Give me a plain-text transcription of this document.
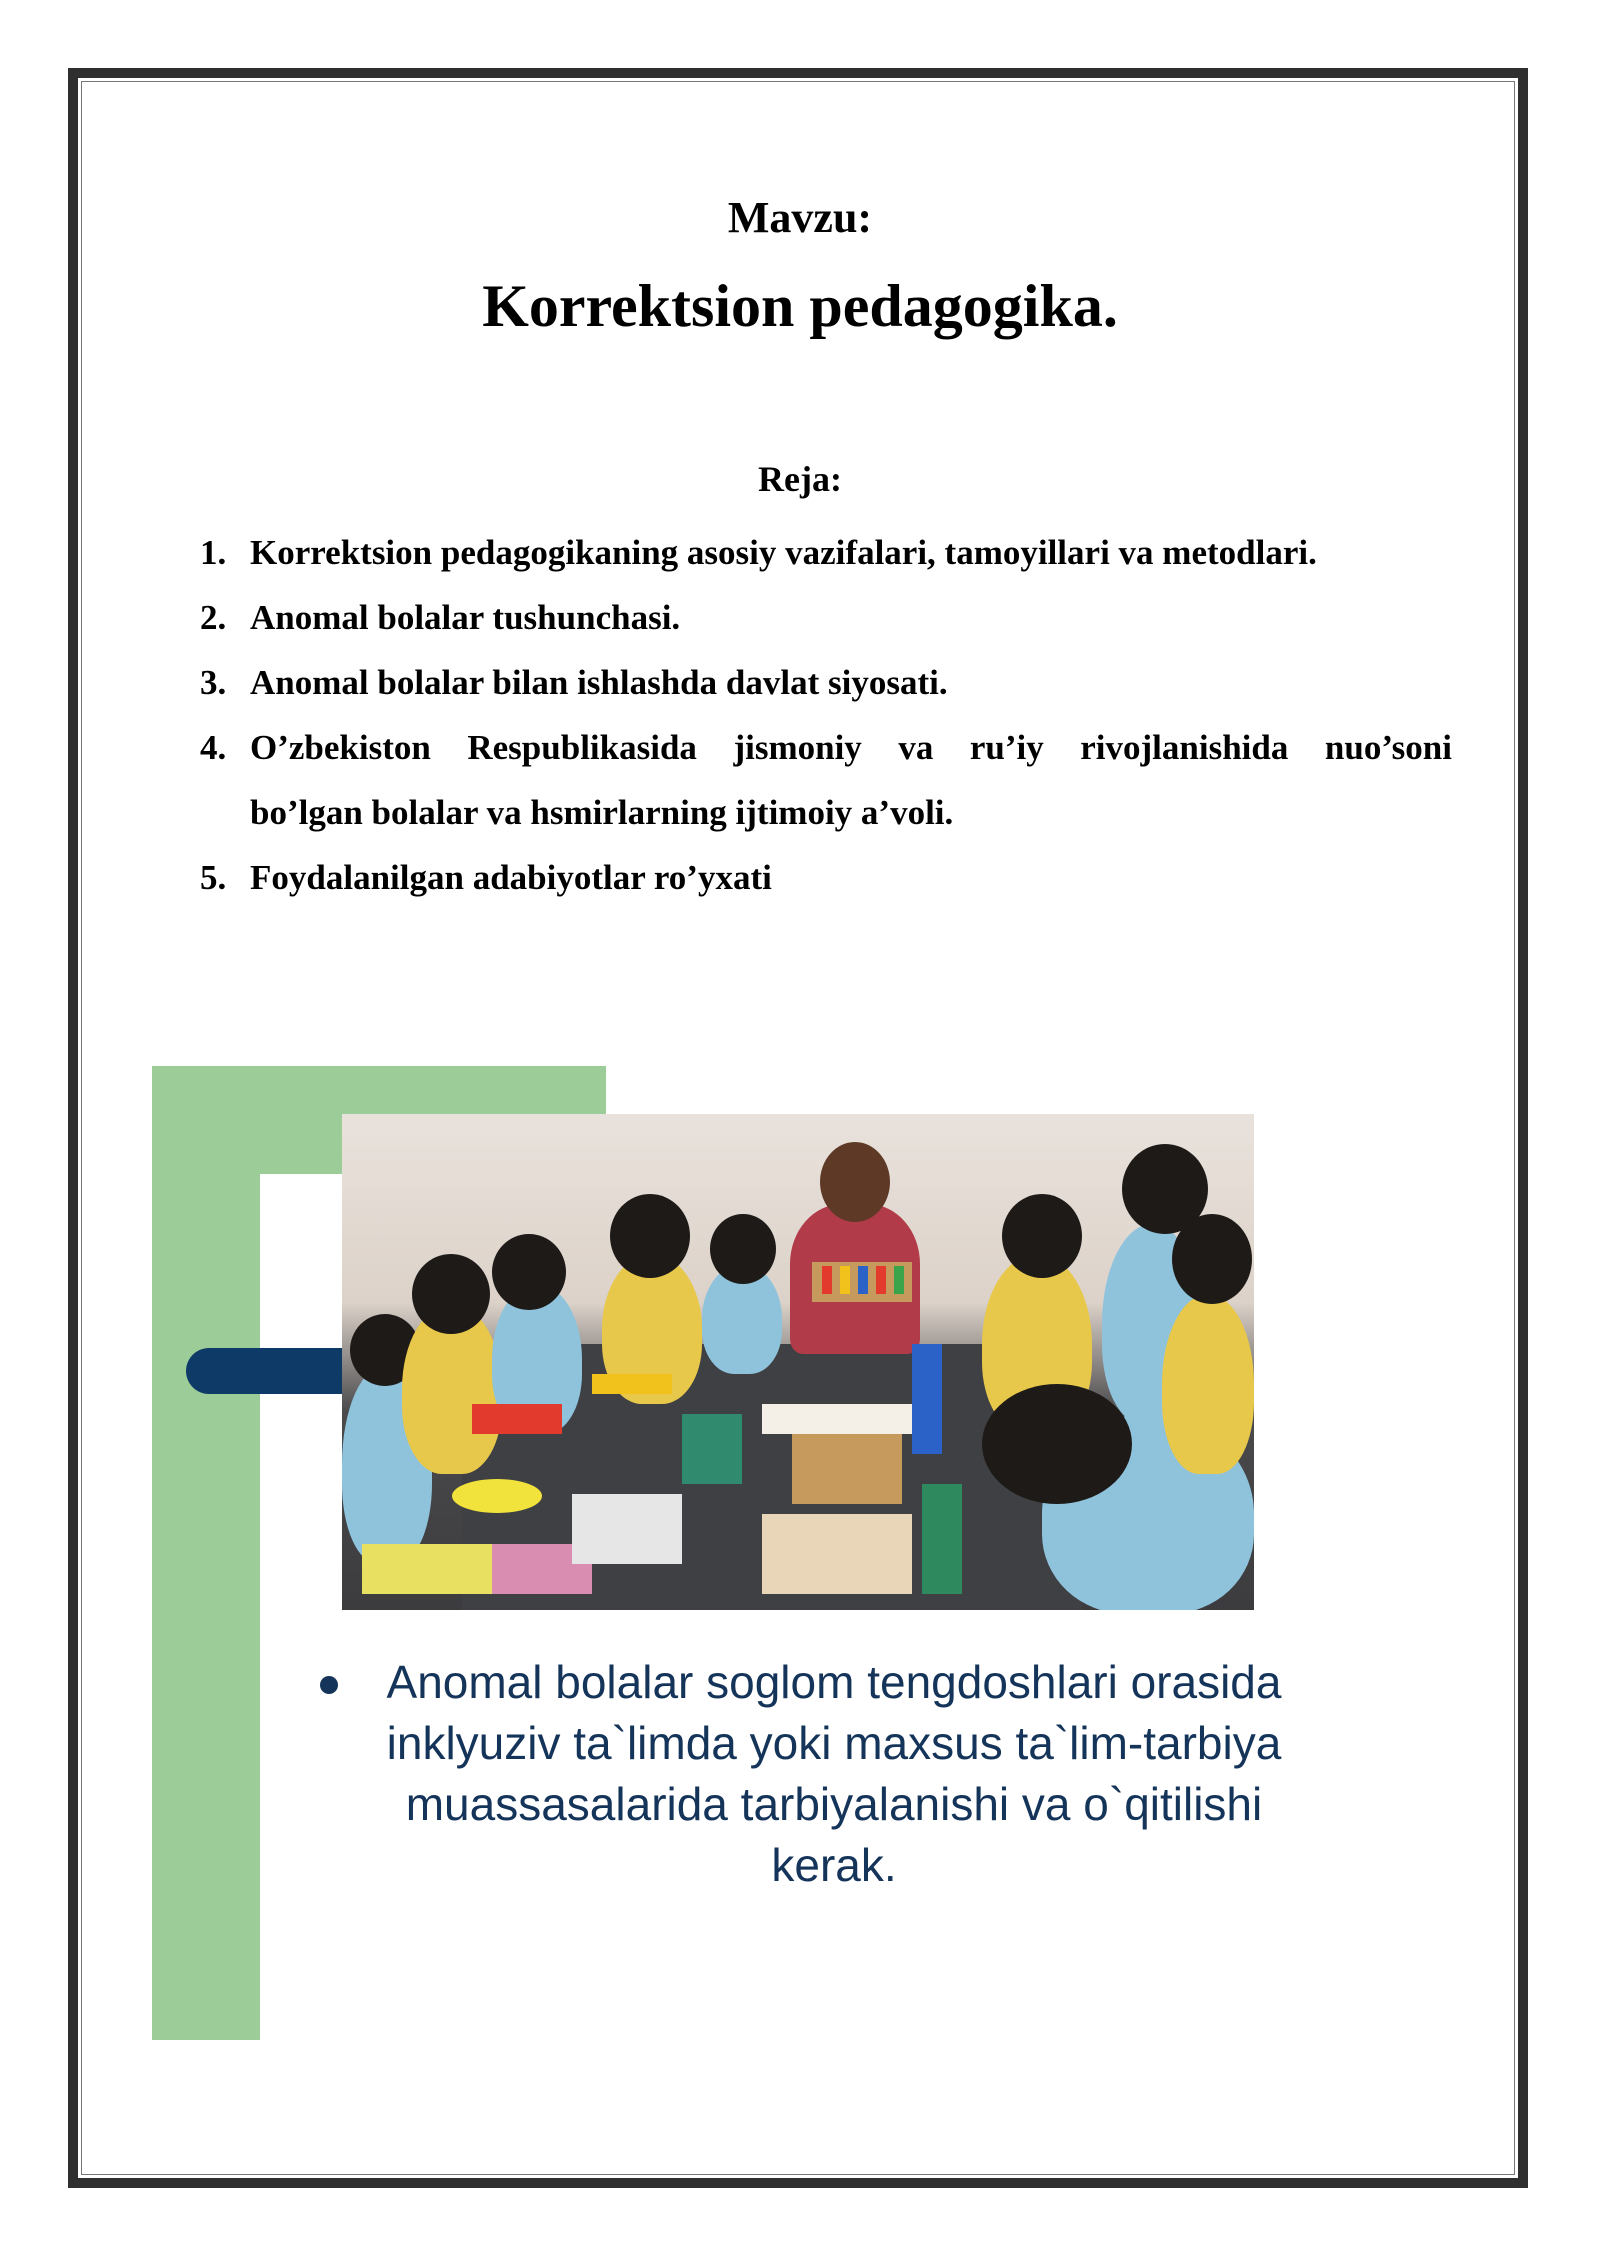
Mavzu:
Korrektsion pedagogika.
Reja:
1. Korrektsion pedagogikaning asosiy vazifalari, tamoyillari va metodlari.
2. Anomal bolalar tushunchasi.
3. Anomal bolalar bilan ishlashda davlat siyosati.
4. O’zbekiston Respublikasida jismoniy va ru’iy rivojlanishida nuo’soni
bo’lgan bolalar va hsmirlarning ijtimoiy a’voli.
5. Foydalanilgan adabiyotlar ro’yxati
Anomal bolalar soglom tengdoshlari orasida inklyuziv ta`limda yoki maxsus ta`lim-tarbiya muassasalarida tarbiyalanishi va o`qitilishi kerak.
